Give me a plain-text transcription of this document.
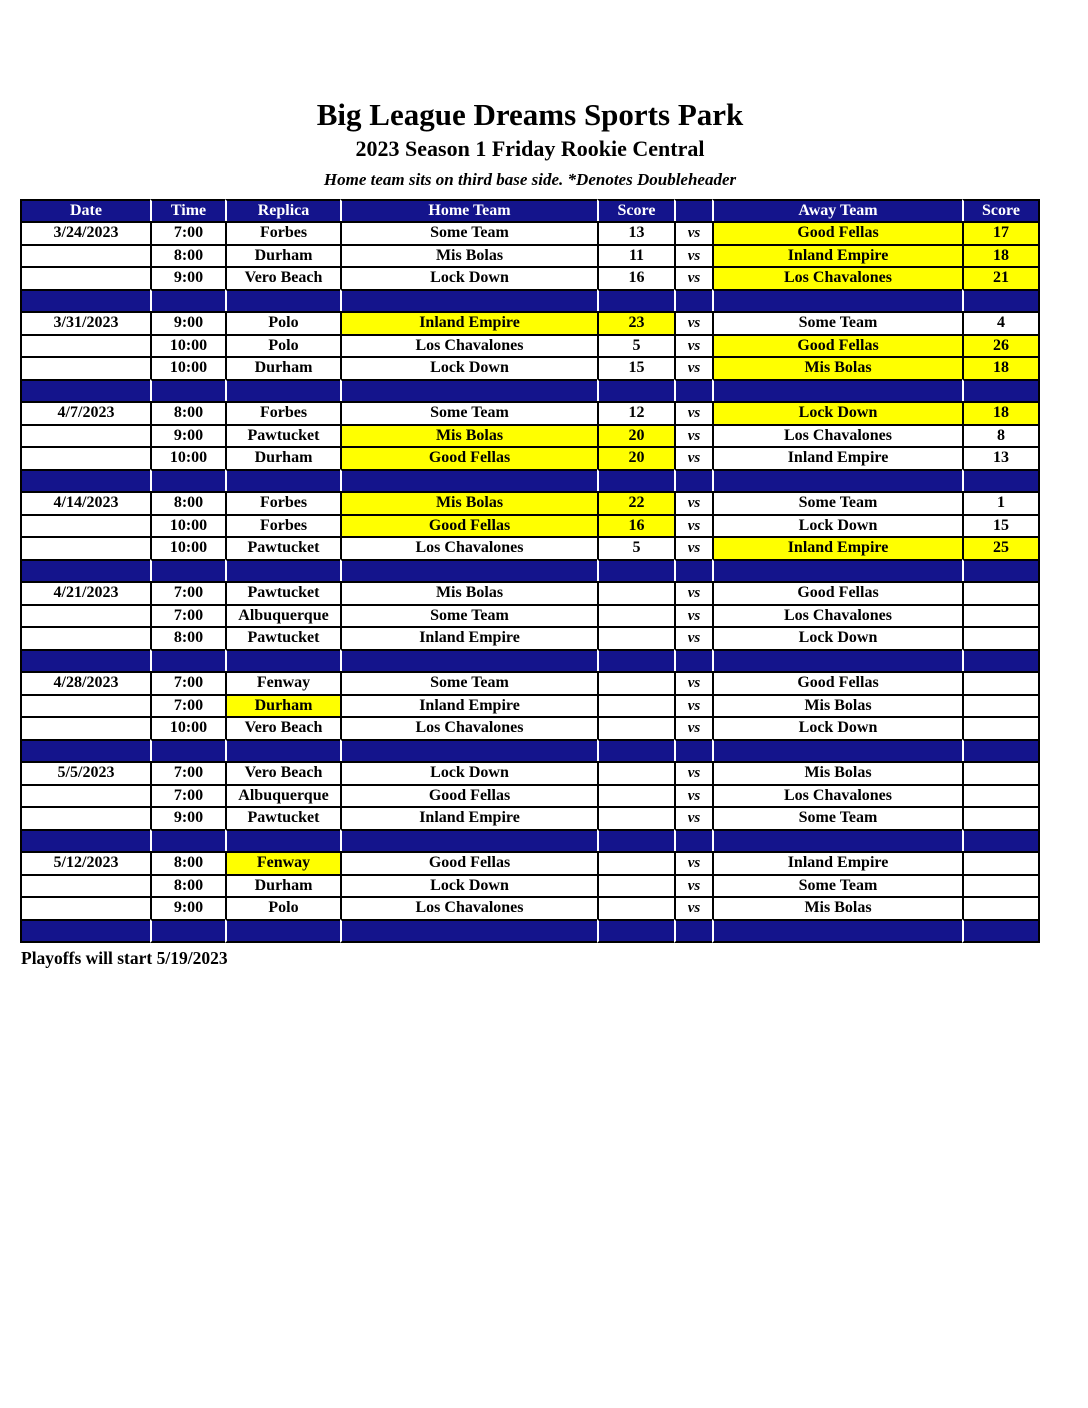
Big League Dreams Sports Park
2023 Season 1 Friday Rookie Central
Home team sits on third base side. *Denotes Doubleheader
Date	Time	Replica	Home Team	Score		Away Team	Score
3/24/2023	7:00	Forbes	Some Team	13	vs	Good Fellas	17
	8:00	Durham	Mis Bolas	11	vs	Inland Empire	18
	9:00	Vero Beach	Lock Down	16	vs	Los Chavalones	21

3/31/2023	9:00	Polo	Inland Empire	23	vs	Some Team	4
	10:00	Polo	Los Chavalones	5	vs	Good Fellas	26
	10:00	Durham	Lock Down	15	vs	Mis Bolas	18

4/7/2023	8:00	Forbes	Some Team	12	vs	Lock Down	18
	9:00	Pawtucket	Mis Bolas	20	vs	Los Chavalones	8
	10:00	Durham	Good Fellas	20	vs	Inland Empire	13

4/14/2023	8:00	Forbes	Mis Bolas	22	vs	Some Team	1
	10:00	Forbes	Good Fellas	16	vs	Lock Down	15
	10:00	Pawtucket	Los Chavalones	5	vs	Inland Empire	25

4/21/2023	7:00	Pawtucket	Mis Bolas		vs	Good Fellas	
	7:00	Albuquerque	Some Team		vs	Los Chavalones	
	8:00	Pawtucket	Inland Empire		vs	Lock Down	

4/28/2023	7:00	Fenway	Some Team		vs	Good Fellas	
	7:00	Durham	Inland Empire		vs	Mis Bolas	
	10:00	Vero Beach	Los Chavalones		vs	Lock Down	

5/5/2023	7:00	Vero Beach	Lock Down		vs	Mis Bolas	
	7:00	Albuquerque	Good Fellas		vs	Los Chavalones	
	9:00	Pawtucket	Inland Empire		vs	Some Team	

5/12/2023	8:00	Fenway	Good Fellas		vs	Inland Empire	
	8:00	Durham	Lock Down		vs	Some Team	
	9:00	Polo	Los Chavalones		vs	Mis Bolas	

Playoffs will start 5/19/2023
